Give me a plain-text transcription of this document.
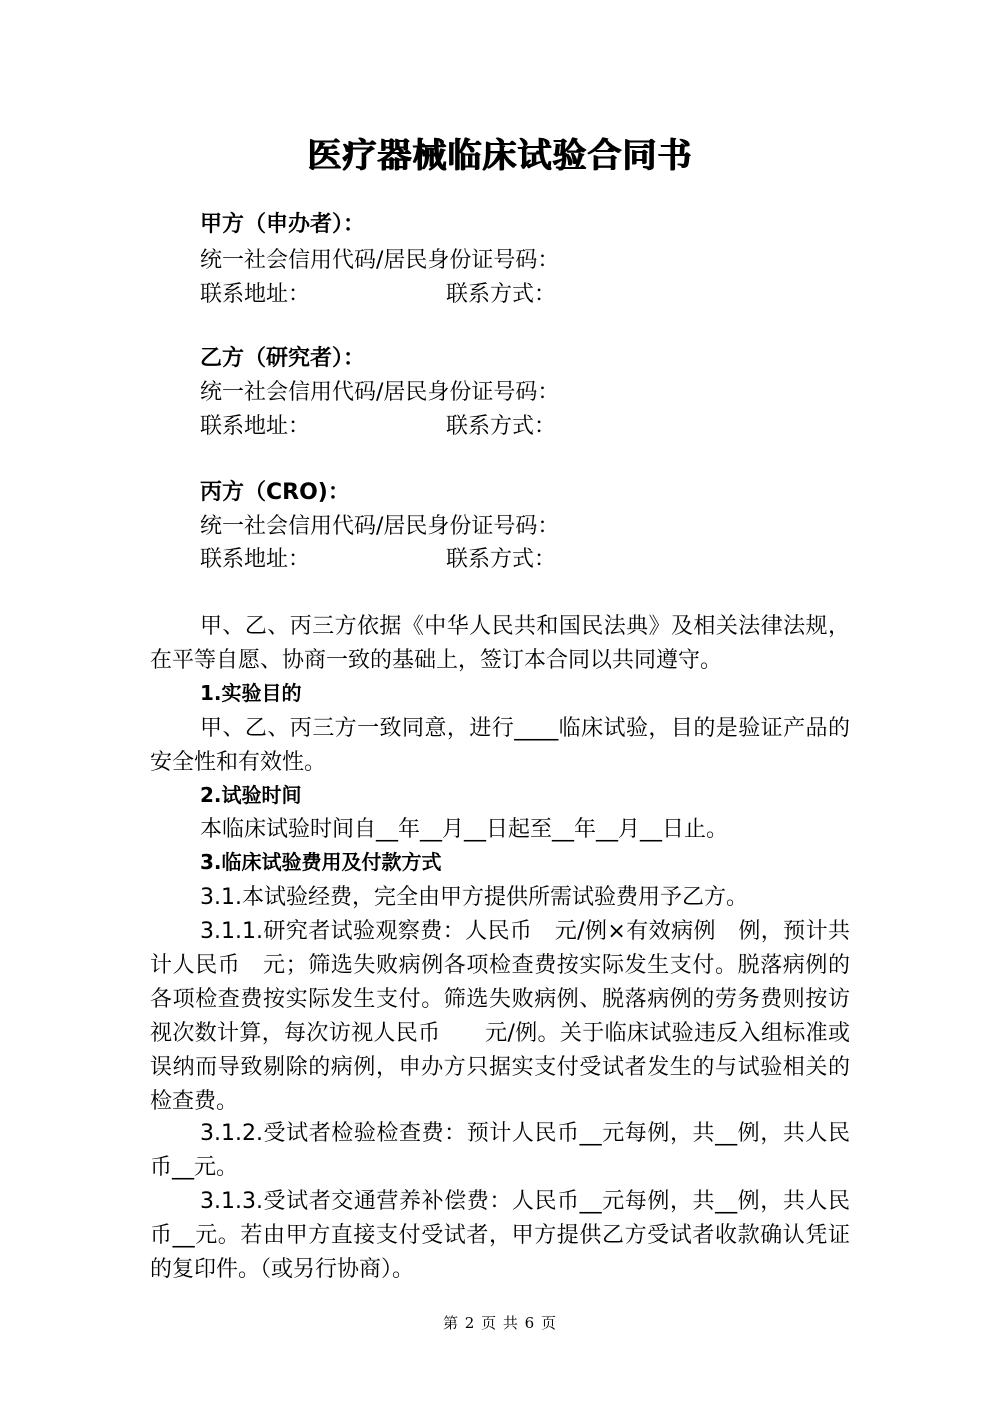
医疗器械临床试验合同书
甲方（申办者）：
统一社会信用代码/居民身份证号码：
联系地址：	联系方式：
乙方（研究者）：
统一社会信用代码/居民身份证号码：
联系地址：	联系方式：
丙方（CRO)：
统一社会信用代码/居民身份证号码：
联系地址：	联系方式：
甲、乙、丙三方依据《中华人民共和国民法典》及相关法律法规，在平等自愿、协商一致的基础上，签订本合同以共同遵守。
1.实验目的
甲、乙、丙三方一致同意，进行____临床试验，目的是验证产品的安全性和有效性。
2.试验时间
本临床试验时间自__年__月__日起至__年__月__日止。
3.临床试验费用及付款方式
3.1.本试验经费，完全由甲方提供所需试验费用予乙方。
3.1.1.研究者试验观察费：人民币　元/例×有效病例　例，预计共计人民币　元；筛选失败病例各项检查费按实际发生支付。脱落病例的各项检查费按实际发生支付。筛选失败病例、脱落病例的劳务费则按访视次数计算，每次访视人民币　　元/例。关于临床试验违反入组标准或误纳而导致剔除的病例，申办方只据实支付受试者发生的与试验相关的检查费。
3.1.2.受试者检验检查费：预计人民币__元每例，共__例，共人民币__元。
3.1.3.受试者交通营养补偿费：人民币__元每例，共__例，共人民币__元。若由甲方直接支付受试者，甲方提供乙方受试者收款确认凭证的复印件。（或另行协商）。
第 2 页 共 6 页
